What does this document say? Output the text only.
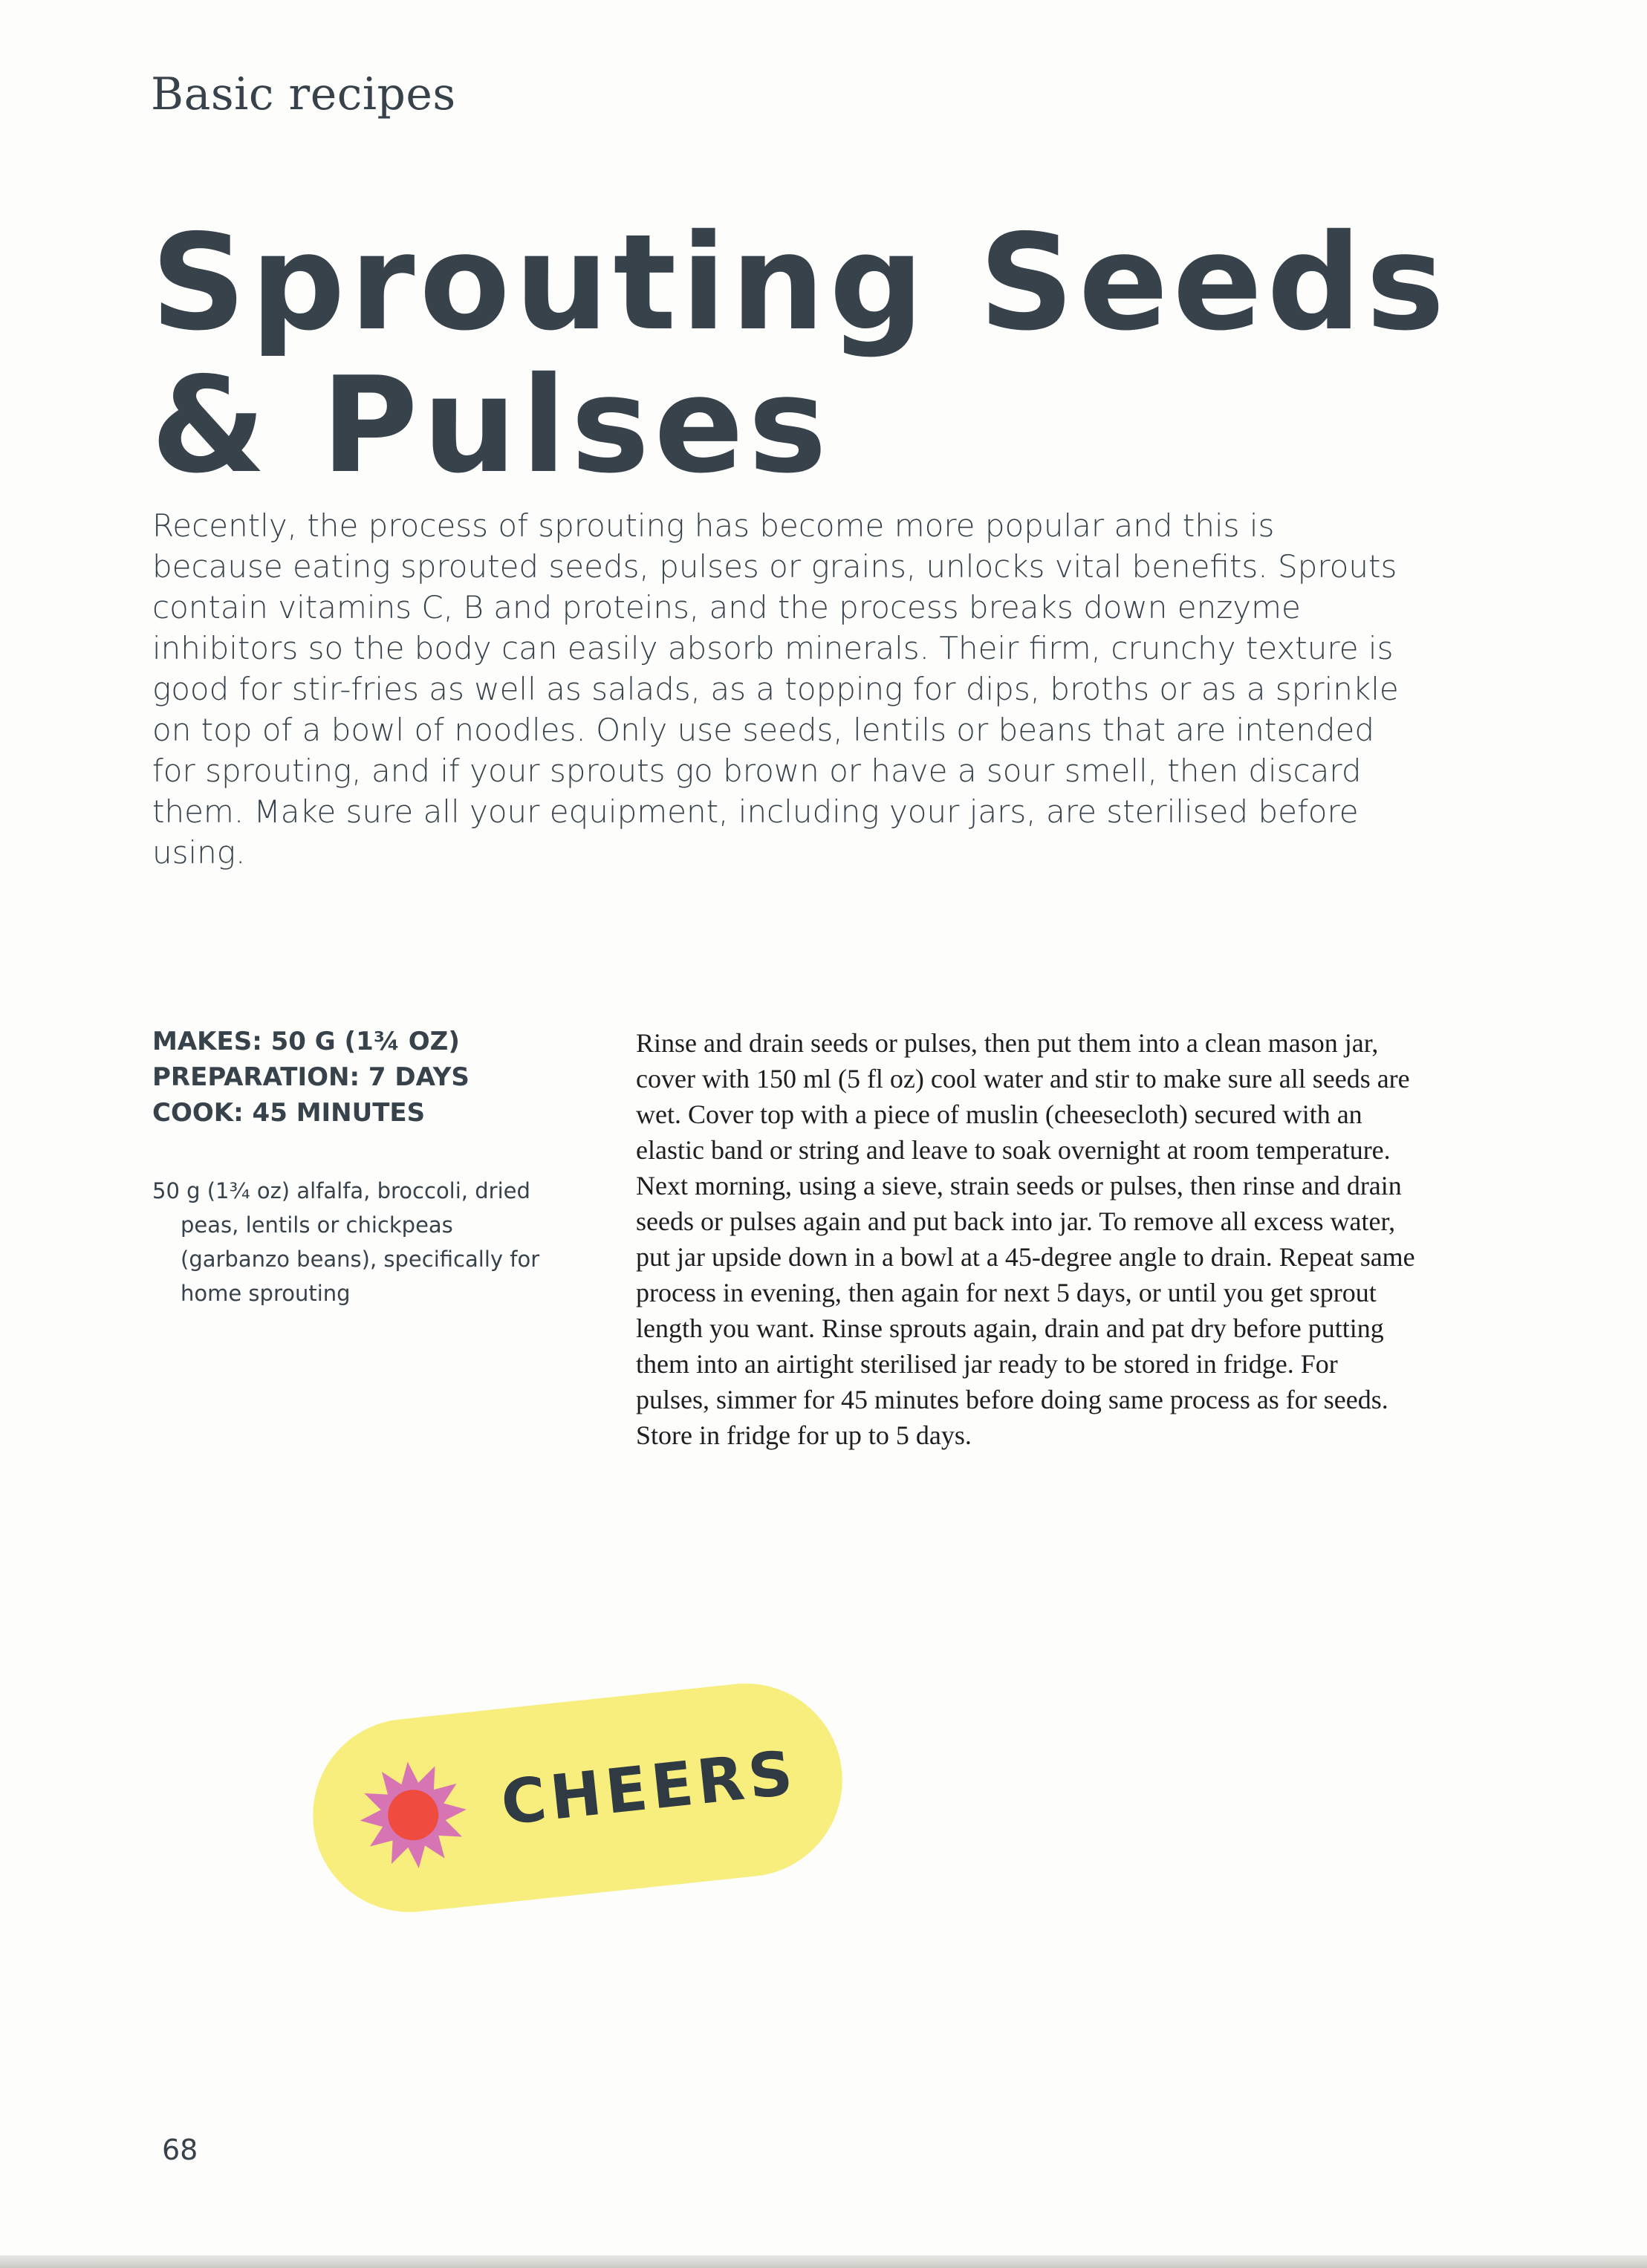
Basic recipes
Sprouting Seeds
& Pulses

Recently, the process of sprouting has become more popular and this is because eating sprouted seeds, pulses or grains, unlocks vital benefits. Sprouts contain vitamins C, B and proteins, and the process breaks down enzyme inhibitors so the body can easily absorb minerals. Their firm, crunchy texture is good for stir-fries as well as salads, as a topping for dips, broths or as a sprinkle on top of a bowl of noodles. Only use seeds, lentils or beans that are intended for sprouting, and if your sprouts go brown or have a sour smell, then discard them. Make sure all your equipment, including your jars, are sterilised before using.

MAKES: 50 G (1¾ OZ)
PREPARATION: 7 DAYS
COOK: 45 MINUTES

50 g (1¾ oz) alfalfa, broccoli, dried peas, lentils or chickpeas (garbanzo beans), specifically for home sprouting

Rinse and drain seeds or pulses, then put them into a clean mason jar, cover with 150 ml (5 fl oz) cool water and stir to make sure all seeds are wet. Cover top with a piece of muslin (cheesecloth) secured with an elastic band or string and leave to soak overnight at room temperature. Next morning, using a sieve, strain seeds or pulses, then rinse and drain seeds or pulses again and put back into jar. To remove all excess water, put jar upside down in a bowl at a 45-degree angle to drain. Repeat same process in evening, then again for next 5 days, or until you get sprout length you want. Rinse sprouts again, drain and pat dry before putting them into an airtight sterilised jar ready to be stored in fridge. For pulses, simmer for 45 minutes before doing same process as for seeds. Store in fridge for up to 5 days.

CHEERS
68
